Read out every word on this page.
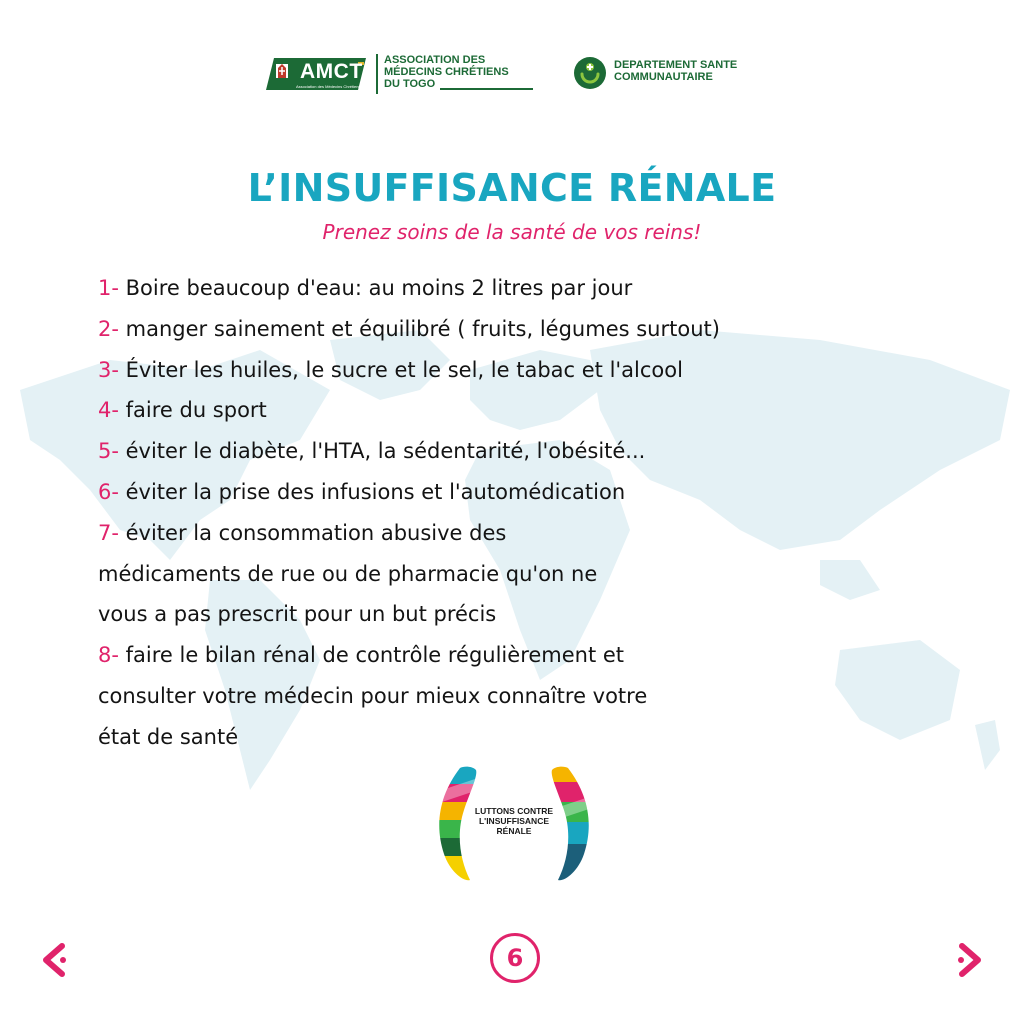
AMCT
Association des Médecins Chrétiens du Togo
ASSOCIATION DES
MÉDECINS CHRÉTIENS
DU TOGO
DEPARTEMENT SANTE
COMMUNAUTAIRE
L’INSUFFISANCE RÉNALE
Prenez soins de la santé de vos reins!
1- Boire beaucoup d'eau: au moins 2 litres par jour
2- manger sainement et équilibré ( fruits, légumes surtout)
3- Éviter les huiles, le sucre et le sel, le tabac et l'alcool
4- faire du sport
5- éviter le diabète, l'HTA, la sédentarité, l'obésité...
6- éviter la prise des infusions et l'automédication
7- éviter la consommation abusive des
médicaments de rue ou de pharmacie qu'on ne
vous a pas prescrit pour un but précis
8- faire le bilan rénal de contrôle régulièrement et
consulter votre médecin pour mieux connaître votre
état de santé
LUTTONS CONTRE
L'INSUFFISANCE
RÉNALE
6
